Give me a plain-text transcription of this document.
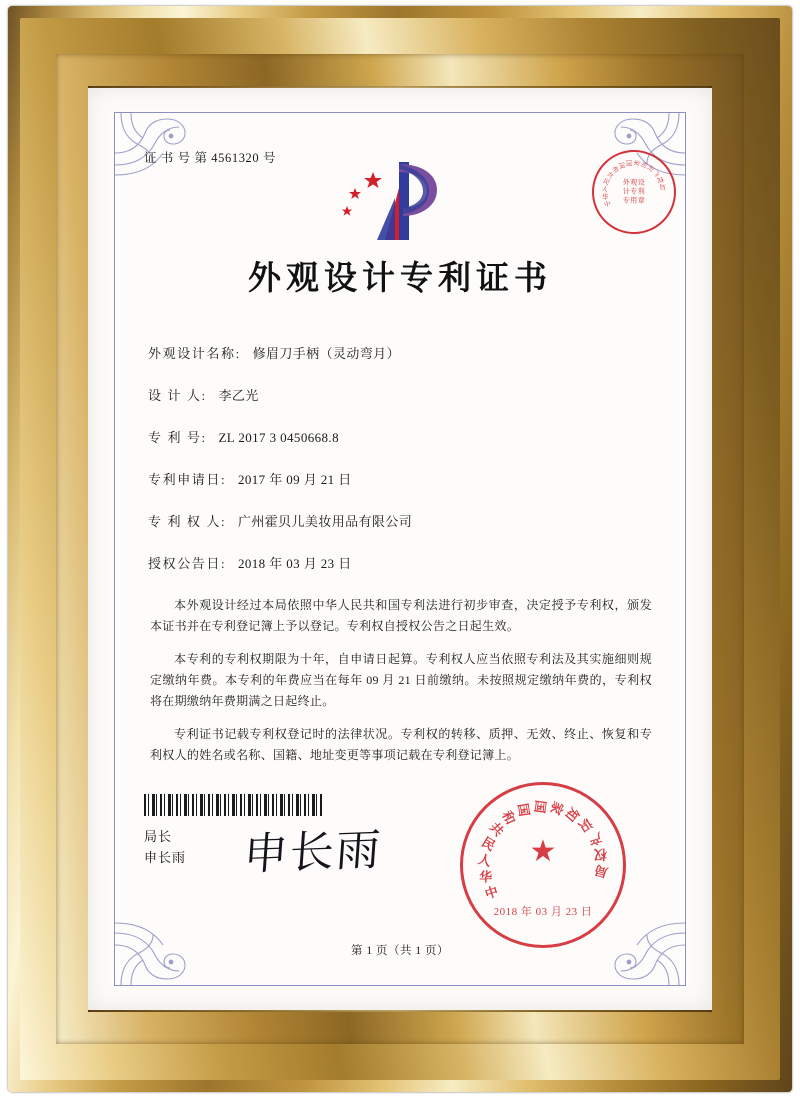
证 书 号 第 4561320 号
外观设计专利证书
外观设计名称: 修眉刀手柄（灵动弯月）
设 计 人: 李乙光
专 利 号: ZL 2017 3 0450668.8
专利申请日: 2017 年 09 月 21 日
专 利 权 人: 广州霍贝儿美妆用品有限公司
授权公告日: 2018 年 03 月 23 日

本外观设计经过本局依照中华人民共和国专利法进行初步审查，决定授予专利权，颁发本证书并在专利登记簿上予以登记。专利权自授权公告之日起生效。

本专利的专利权期限为十年，自申请日起算。专利权人应当依照专利法及其实施细则规定缴纳年费。本专利的年费应当在每年 09 月 21 日前缴纳。未按照规定缴纳年费的，专利权将在期缴纳年费期满之日起终止。

专利证书记载专利权登记时的法律状况。专利权的转移、质押、无效、终止、恢复和专利权人的姓名或名称、国籍、地址变更等事项记载在专利登记簿上。

局长
申长雨 申长雨
中
华
人
民
共
和
国
国
家
知
识
产
权
局
外观设
计专利
专用章
中
华
人
民
共
和
国 国
家
知
识
产
权
局
★
2018 年 03 月 23 日
第 1 页（共 1 页）
